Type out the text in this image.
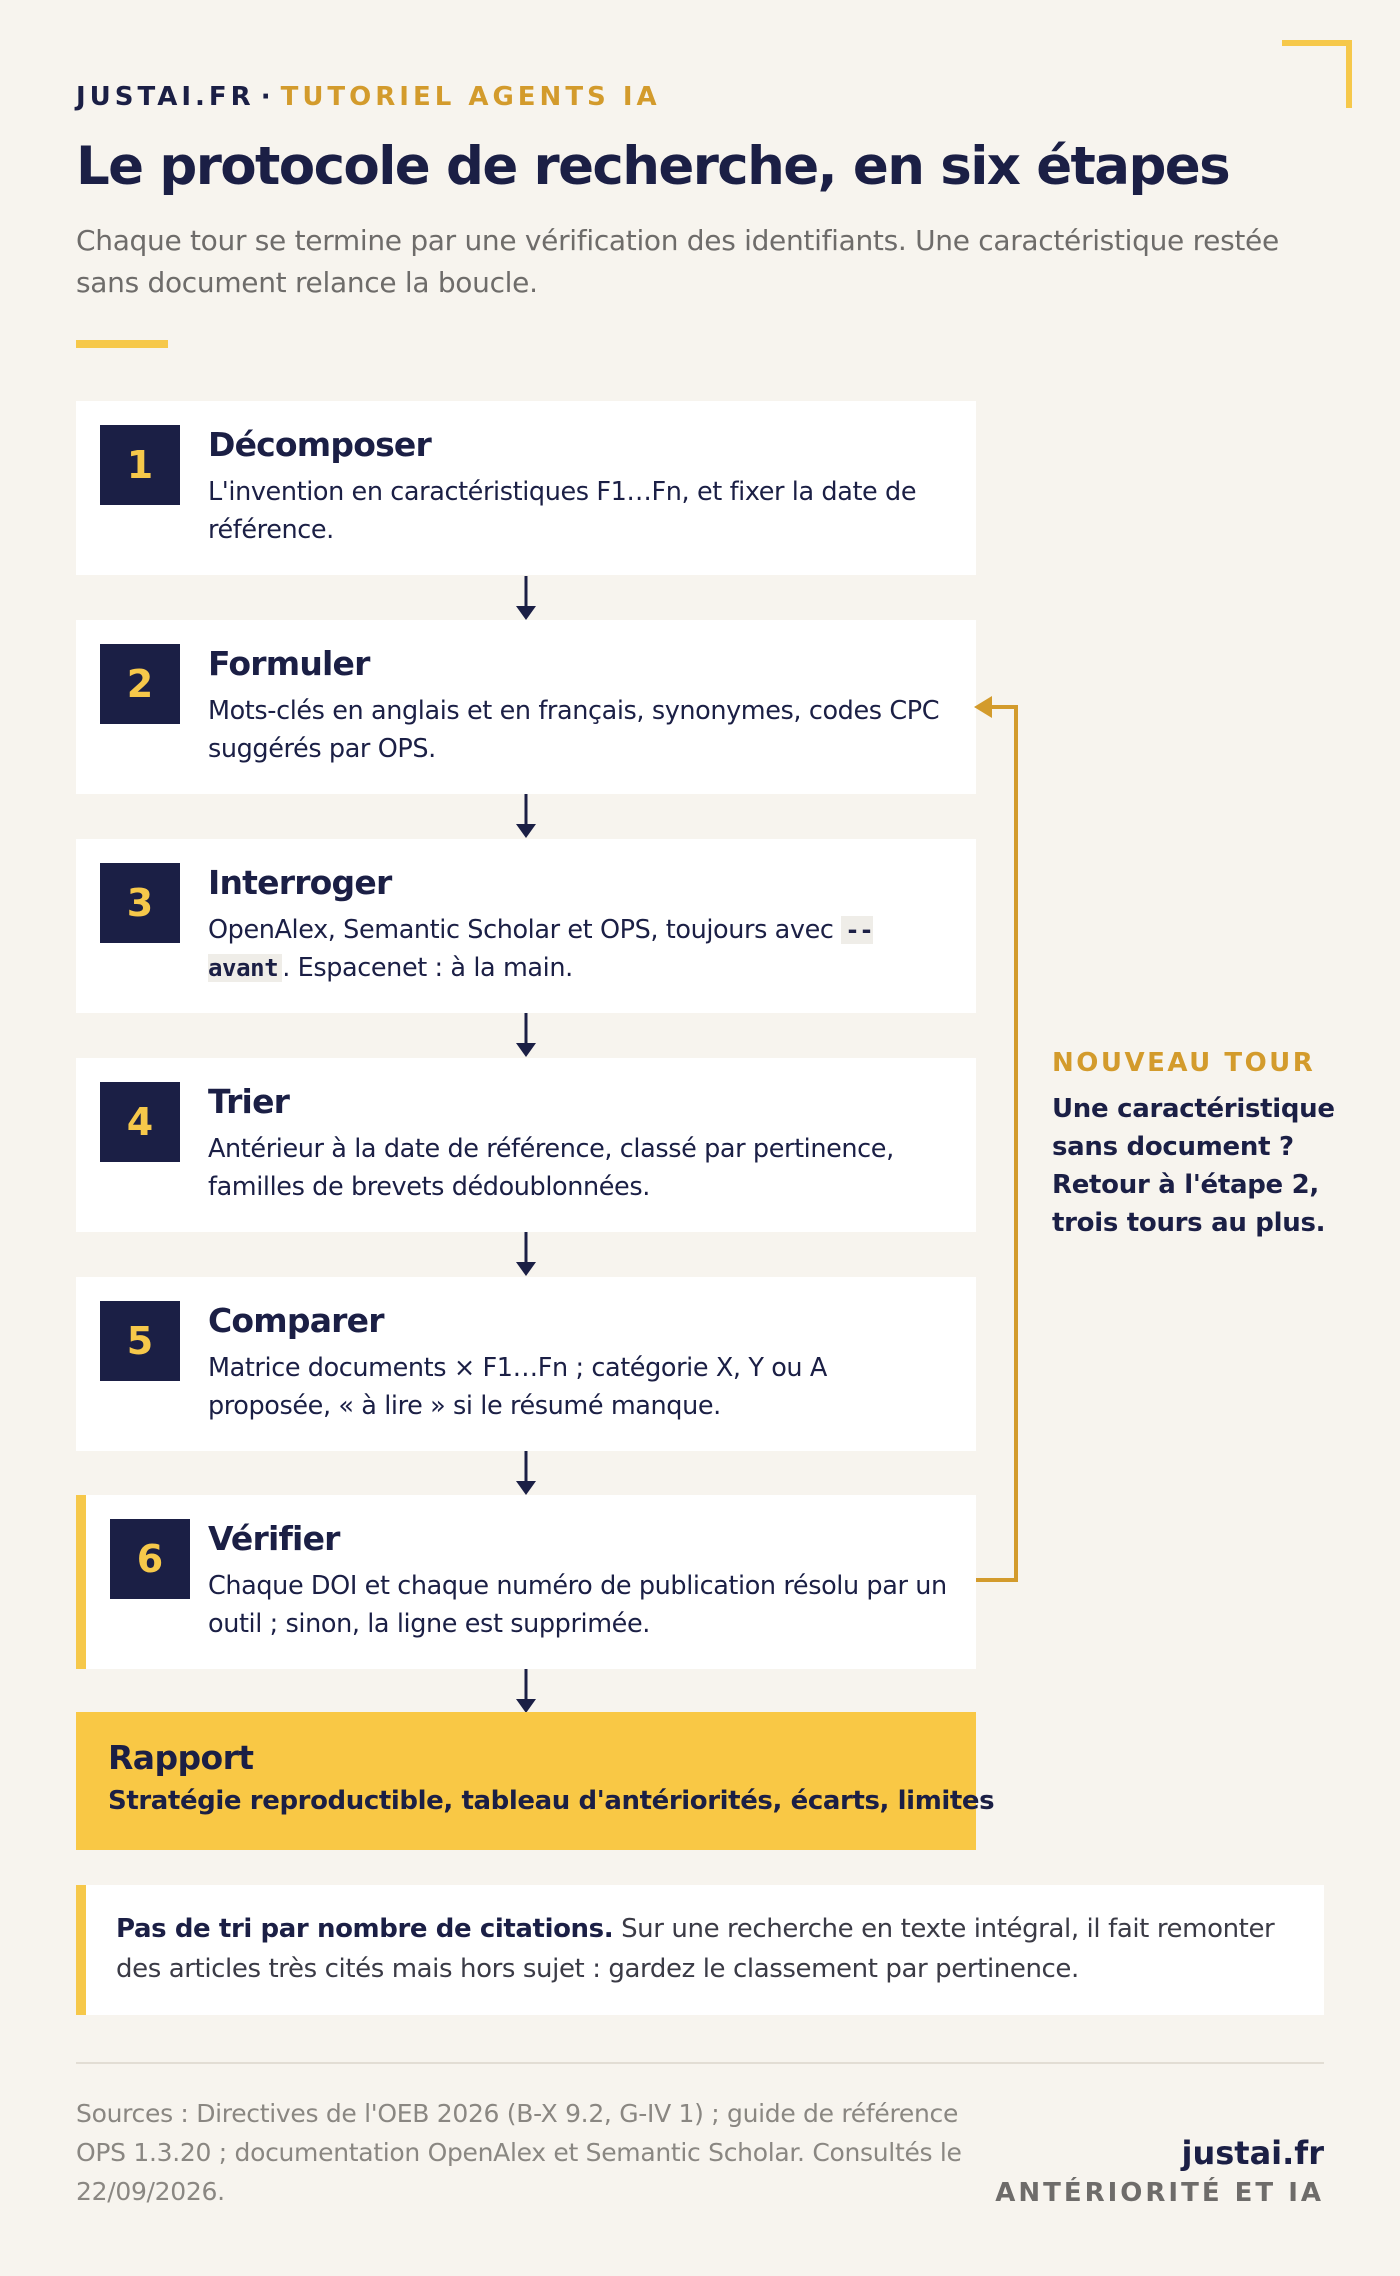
JUSTAI.FR · TUTORIEL AGENTS IA
Le protocole de recherche, en six étapes

Chaque tour se termine par une vérification des identifiants. Une caractéristique restée sans document relance la boucle.

1	Décomposer
L'invention en caractéristiques F1…Fn, et fixer la date de référence.
2	Formuler
Mots-clés en anglais et en français, synonymes, codes CPC suggérés par OPS.
3	Interroger
OpenAlex, Semantic Scholar et OPS, toujours avec --avant . Espacenet : à la main.
4	Trier
Antérieur à la date de référence, classé par pertinence, familles de brevets dédoublonnées.
5	Comparer
Matrice documents × F1…Fn ; catégorie X, Y ou A proposée, « à lire » si le résumé manque.
6	Vérifier
Chaque DOI et chaque numéro de publication résolu par un outil ; sinon, la ligne est supprimée.
NOUVEAU TOUR
Une caractéristique sans document ? Retour à l'étape 2, trois tours au plus.
Rapport
Stratégie reproductible, tableau d'antériorités, écarts, limites
Pas de tri par nombre de citations. Sur une recherche en texte intégral, il fait remonter des articles très cités mais hors sujet : gardez le classement par pertinence.
Sources : Directives de l'OEB 2026 (B-X 9.2, G-IV 1) ; guide de référence OPS 1.3.20 ; documentation OpenAlex et Semantic Scholar. Consultés le 22/09/2026.
justai.fr
ANTÉRIORITÉ ET IA
